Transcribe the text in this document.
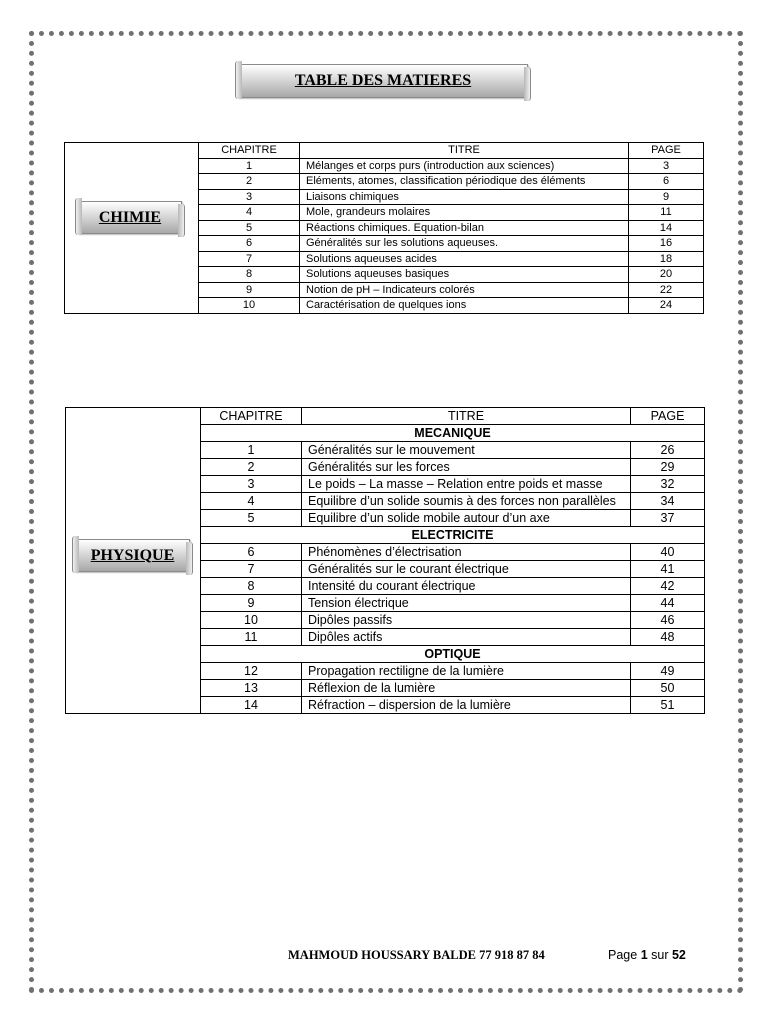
TABLE DES MATIERES
	CHAPITRE	TITRE	PAGE
	1	Mélanges et corps purs (introduction aux sciences)	3
	2	Eléments, atomes, classification périodique des éléments	6
	3	Liaisons chimiques	9
	4	Mole, grandeurs molaires	11
	5	Réactions chimiques. Equation-bilan	14
	6	Généralités sur les solutions aqueuses.	16
	7	Solutions aqueuses acides	18
	8	Solutions aqueuses basiques	20
	9	Notion de pH – Indicateurs colorés	22
	10	Caractérisation de quelques ions	24
CHIMIE
	CHAPITRE	TITRE	PAGE
	MECANIQUE		
	1	Généralités sur le mouvement	26
	2	Généralités sur les forces	29
	3	Le poids – La masse – Relation entre poids et masse	32
	4	Equilibre d’un solide soumis à des forces non parallèles	34
	5	Equilibre d’un solide mobile autour d’un axe	37
	ELECTRICITE		
	6	Phénomènes d’électrisation	40
	7	Généralités sur le courant électrique	41
	8	Intensité du courant électrique	42
	9	Tension électrique	44
	10	Dipôles passifs	46
	11	Dipôles actifs	48
	OPTIQUE		
	12	Propagation rectiligne de la lumière	49
	13	Réflexion de la lumière	50
	14	Réfraction – dispersion de la lumière	51
PHYSIQUE
MAHMOUD HOUSSARY BALDE 77 918 87 84	Page 1 sur 52
